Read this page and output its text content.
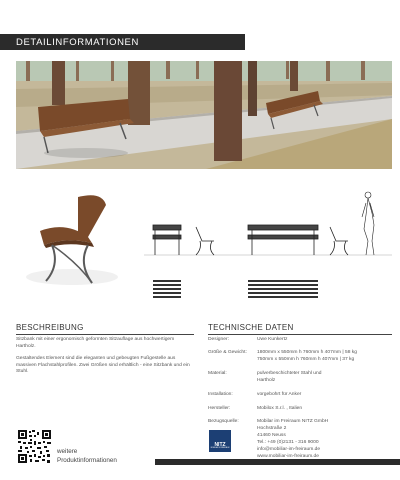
DETAILINFORMATIONEN
BESCHREIBUNG
Sitzbank mit einer ergonomisch geformten Sitzauflage aus hochwertigem Hartholz.
Gestaltendes Element sind die eleganten und gebeugten Fußgestelle aus massiven Flachstahlprofilen. Zwei Größen sind erhältlich - eine Sitzbank und ein Stuhl.
TECHNISCHE DATEN
Designer:	Uwe Kunkertz
Größe & Gewicht: 1800mm x 550mm h 760mm h 407mm | 58 kg
750mm x 550mm h 760mm h 407mm | 37 kg
Material:	pulverbeschichteter Stahl und
Hartholz
Installation:	vorgebohrt für Anker
Hersteller:	Mobilox S.r.l. , Italien
Bezugsquelle:	Mobilar im Freiraum NITZ GmbH
Hochstraße 2
41460 Neuss
Tel.: +49 (0)2131 - 316 9000
info@mobiliar-im-freiraum.de
www.mobiliar-im-freiraum.de
NITZ
MOBILIAR IM FREIRAUM
weitere
Produktinformationen
